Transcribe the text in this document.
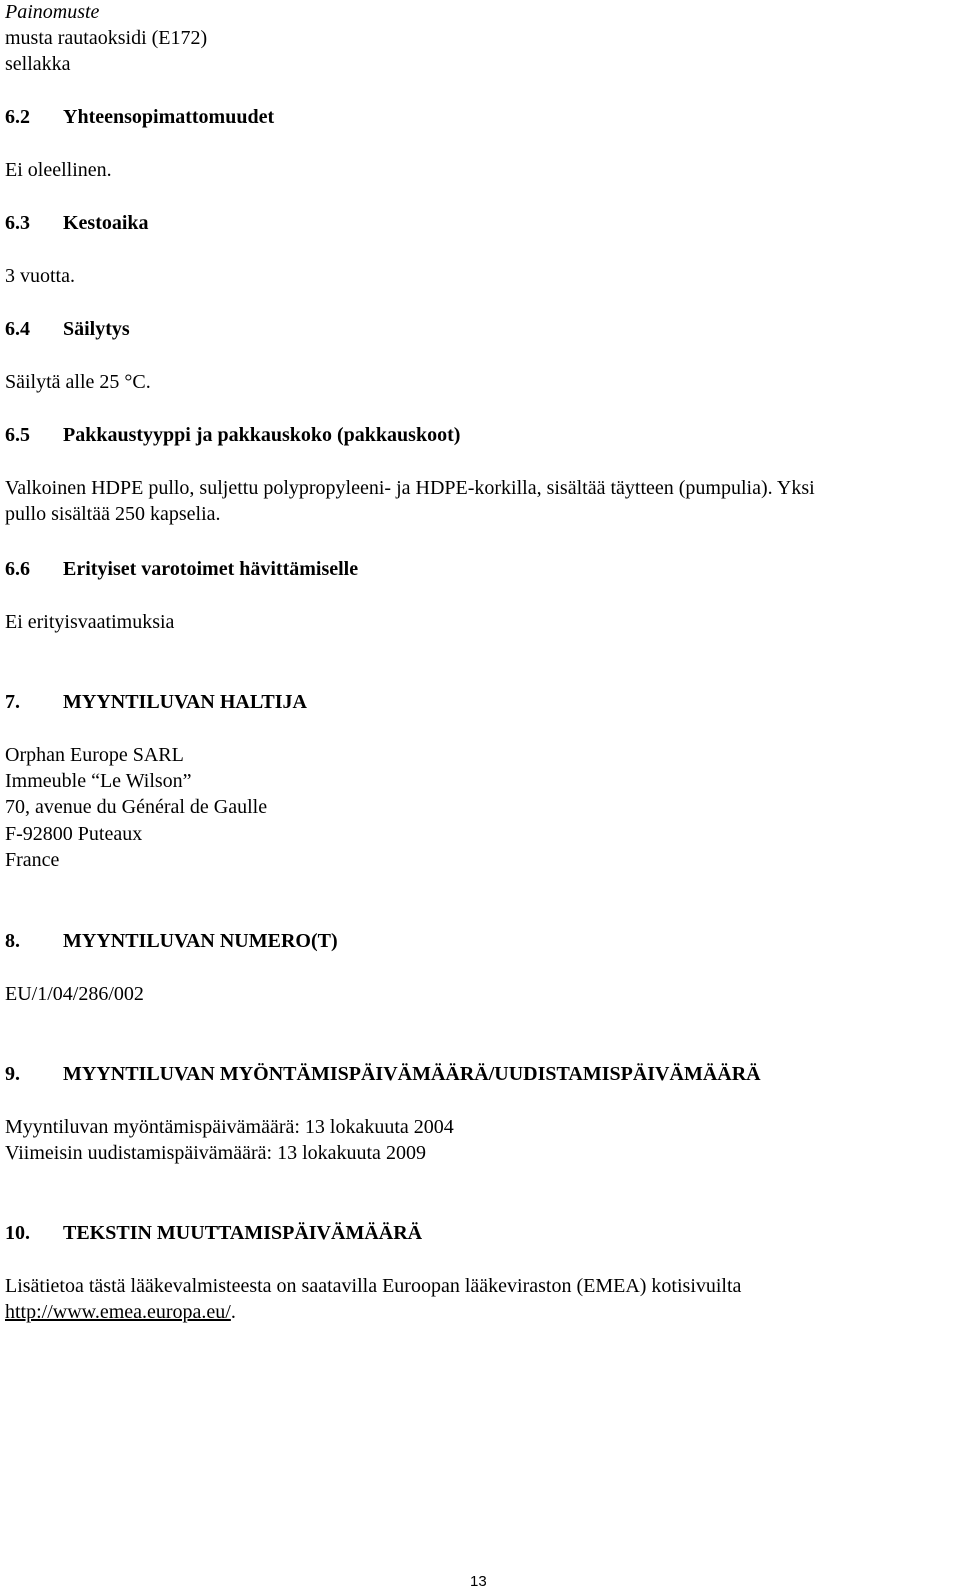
Painomuste
musta rautaoksidi (E172)
sellakka
6.2 Yhteensopimattomuudet
Ei oleellinen.
6.3 Kestoaika
3 vuotta.
6.4 Säilytys
Säilytä alle 25 °C.
6.5 Pakkaustyyppi ja pakkauskoko (pakkauskoot)
Valkoinen HDPE pullo, suljettu polypropyleeni- ja HDPE-korkilla, sisältää täytteen (pumpulia). Yksi
pullo sisältää 250 kapselia.
6.6 Erityiset varotoimet hävittämiselle
Ei erityisvaatimuksia
7. MYYNTILUVAN HALTIJA
Orphan Europe SARL
Immeuble “Le Wilson”
70, avenue du Général de Gaulle
F-92800 Puteaux
France
8. MYYNTILUVAN NUMERO(T)
EU/1/04/286/002
9. MYYNTILUVAN MYÖNTÄMISPÄIVÄMÄÄRÄ/UUDISTAMISPÄIVÄMÄÄRÄ
Myyntiluvan myöntämispäivämäärä: 13 lokakuuta 2004
Viimeisin uudistamispäivämäärä: 13 lokakuuta 2009
10. TEKSTIN MUUTTAMISPÄIVÄMÄÄRÄ
Lisätietoa tästä lääkevalmisteesta on saatavilla Euroopan lääkeviraston (EMEA) kotisivuilta
http://www.emea.europa.eu/.
13
